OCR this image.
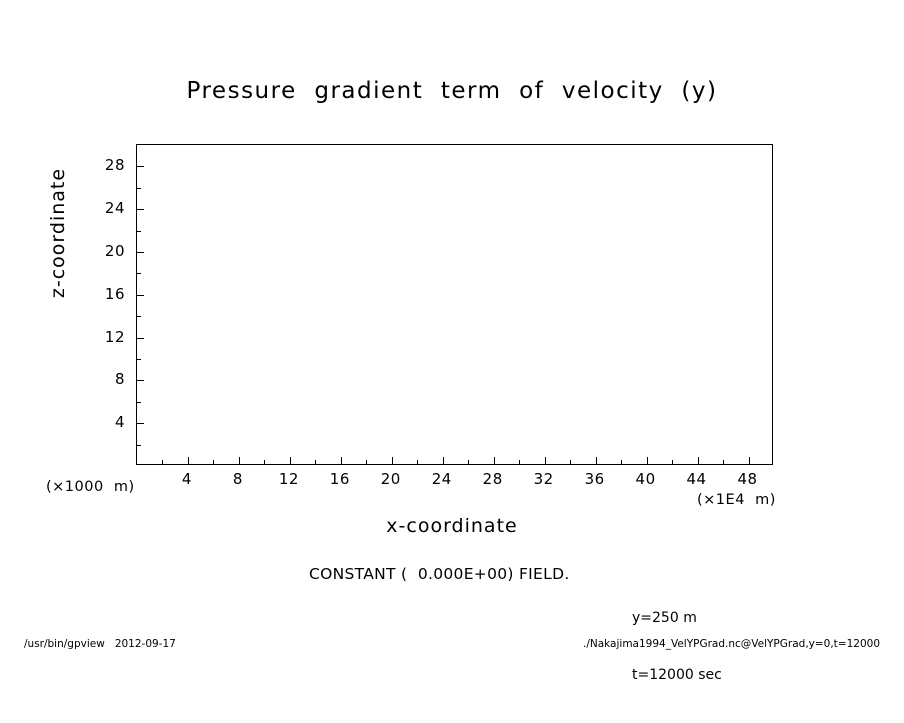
Pressure  gradient  term  of  velocity  (y)
4	8 12 16 20 24 28 32 36 40 44 48
4
8
12
16
20
24
28
x-coordinate
z-coordinate
(×1000  m)
(×1E4  m)
CONSTANT (  0.000E+00) FIELD.

y=250 m

t=12000 sec

/usr/bin/gpview   2012-09-17	./Nakajima1994_VelYPGrad.nc@VelYPGrad,y=0,t=12000
